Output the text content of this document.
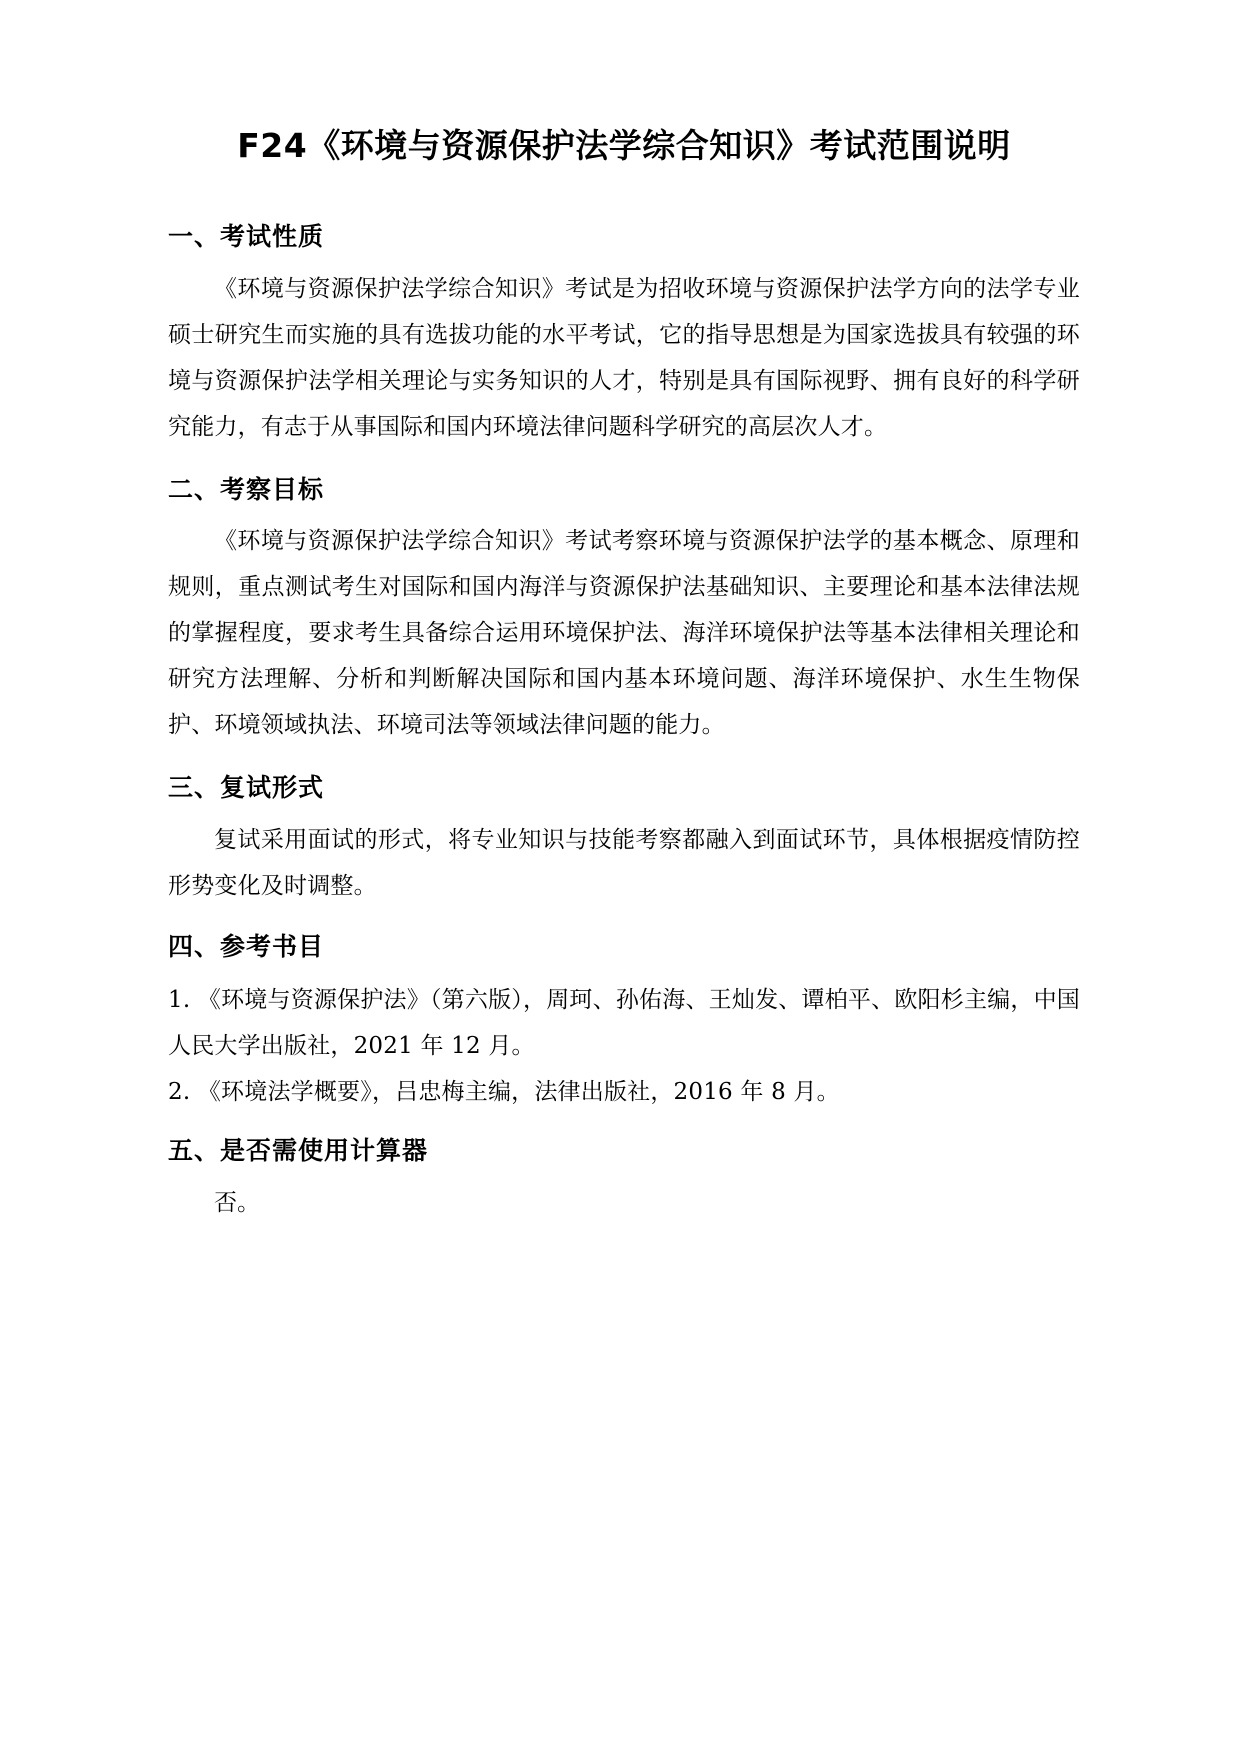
F24《环境与资源保护法学综合知识》考试范围说明
一、考试性质

《环境与资源保护法学综合知识》考试是为招收环境与资源保护法学方向的法学专业硕士研究生而实施的具有选拔功能的水平考试，它的指导思想是为国家选拔具有较强的环境与资源保护法学相关理论与实务知识的人才，特别是具有国际视野、拥有良好的科学研究能力，有志于从事国际和国内环境法律问题科学研究的高层次人才。

二、考察目标

《环境与资源保护法学综合知识》考试考察环境与资源保护法学的基本概念、原理和规则，重点测试考生对国际和国内海洋与资源保护法基础知识、主要理论和基本法律法规的掌握程度，要求考生具备综合运用环境保护法、海洋环境保护法等基本法律相关理论和研究方法理解、分析和判断解决国际和国内基本环境问题、海洋环境保护、水生生物保护、环境领域执法、环境司法等领域法律问题的能力。

三、复试形式

复试采用面试的形式，将专业知识与技能考察都融入到面试环节，具体根据疫情防控形势变化及时调整。

四、参考书目

1. 《环境与资源保护法》（第六版），周珂、孙佑海、王灿发、谭柏平、欧阳杉主编，中国人民大学出版社，2021 年 12 月。

2. 《环境法学概要》，吕忠梅主编，法律出版社，2016 年 8 月。

五、是否需使用计算器

否。
